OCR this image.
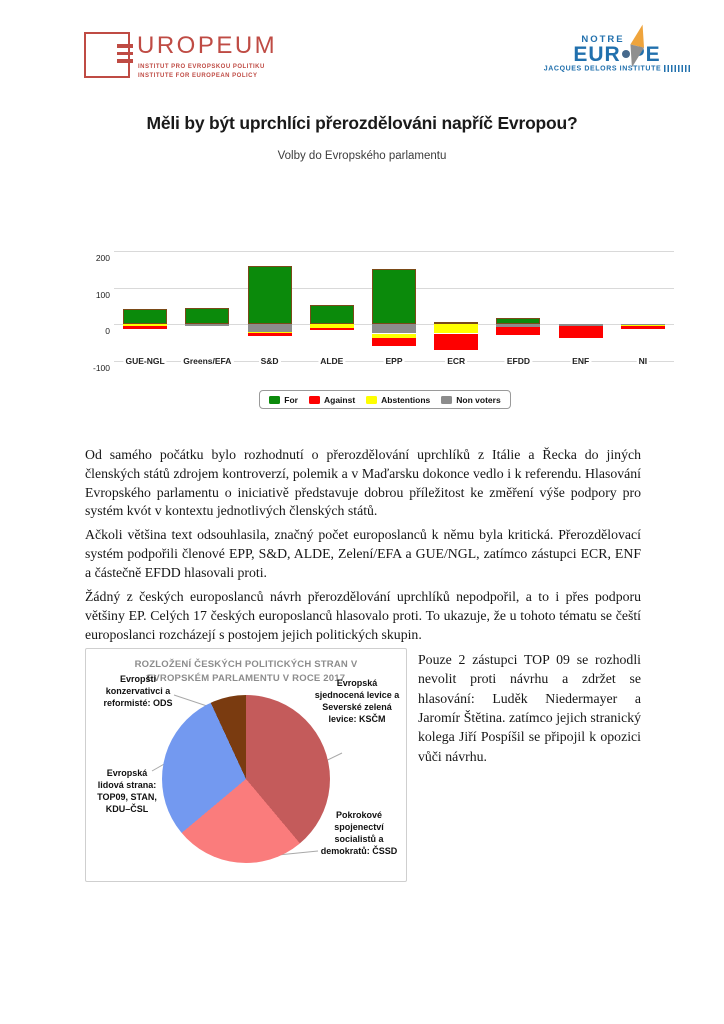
UROPEUM
INSTITUT PRO EVROPSKOU POLITIKU
INSTITUTE FOR EUROPEAN POLICY
NOTRE
EUR PE
JACQUES DELORS INSTITUTE
Měli by být uprchlíci přerozdělováni napříč Evropou?
Volby do Evropského parlamentu
200
100
0
-100
GUE-NGL Greens/EFA	S&D	ALDE	EPP	ECR	EFDD	ENF	NI
For	Against	Abstentions	Non voters
Od samého počátku bylo rozhodnutí o přerozdělování uprchlíků z Itálie a Řecka do jiných členských států zdrojem kontroverzí, polemik a v Maďarsku dokonce vedlo i k referendu. Hlasování Evropského parlamentu o iniciativě představuje dobrou příležitost ke změření výše podpory pro systém kvót v kontextu jednotlivých členských států.
Ačkoli většina text odsouhlasila, značný počet europoslanců k němu byla kritická. Přerozdělovací systém podpořili členové EPP, S&D, ALDE, Zelení/EFA a GUE/NGL, zatímco zástupci ECR, ENF a částečně EFDD hlasovali proti.
Žádný z českých europoslanců návrh přerozdělování uprchlíků nepodpořil, a to i přes podporu většiny EP. Celých 17 českých europoslanců hlasovalo proti. To ukazuje, že u tohoto tématu se čeští europoslanci rozcházejí s postojem jejich politických skupin.
ROZLOŽENÍ ČESKÝCH POLITICKÝCH STRAN V EVROPSKÉM PARLAMENTU V ROCE 2017
Evropští konzervativci a reformisté: ODS
Evropská sjednocená levice a Severské zelená levice: KSČM
Evropská lidová strana: TOP09, STAN, KDU–ČSL
Pokrokové spojenectví socialistů a demokratů: ČSSD
Pouze 2 zástupci TOP 09 se rozhodli nevolit proti návrhu a zdržet se hlasování: Luděk Niedermayer a Jaromír Štětina. zatímco jejich stranický kolega Jiří Pospíšil se připojil k opozici vůči návrhu.
